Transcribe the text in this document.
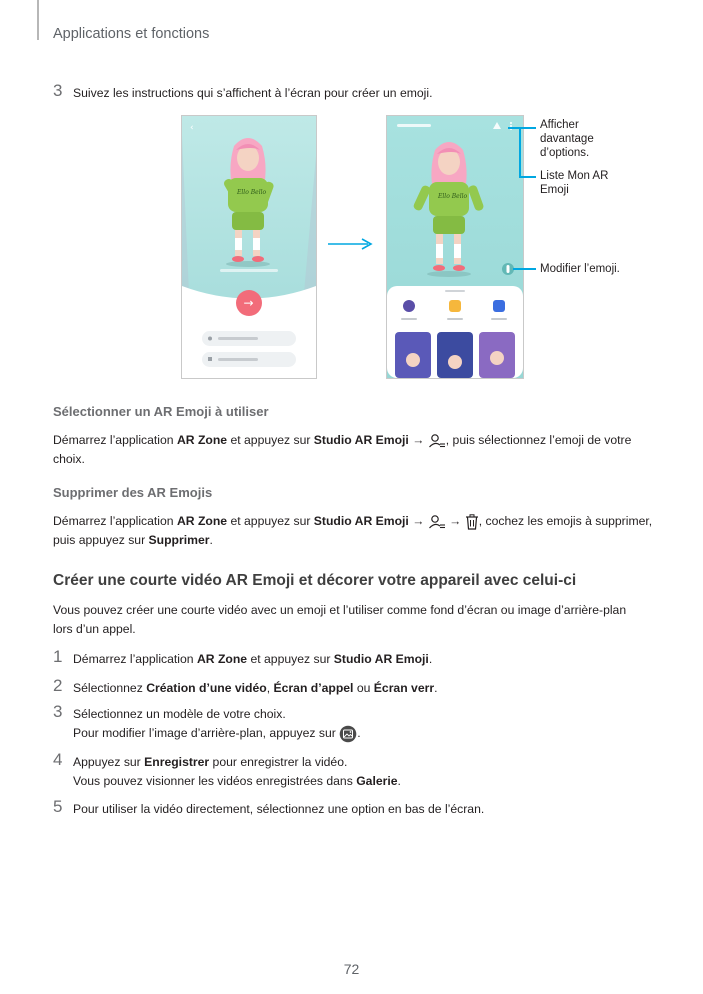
Applications et fonctions
3 Suivez les instructions qui s’affichent à l’écran pour créer un emoji.
‹
Ello Bello
→
Ello Bello
Afficher
davantage
d’options.
Liste Mon AR
Emoji
Modifier l’emoji.
Sélectionner un AR Emoji à utiliser
Démarrez l’application AR Zone et appuyez sur Studio AR Emoji → , puis sélectionnez l’emoji de votre
choix.
Supprimer des AR Emojis
Démarrez l’application AR Zone et appuyez sur Studio AR Emoji →  → , cochez les emojis à supprimer,
puis appuyez sur Supprimer.
Créer une courte vidéo AR Emoji et décorer votre appareil avec celui-ci
Vous pouvez créer une courte vidéo avec un emoji et l’utiliser comme fond d’écran ou image d’arrière-plan
lors d’un appel.
1 Démarrez l’application AR Zone et appuyez sur Studio AR Emoji.
2 Sélectionnez Création d’une vidéo, Écran d’appel ou Écran verr.
3 Sélectionnez un modèle de votre choix.
Pour modifier l’image d’arrière-plan, appuyez sur .
4 Appuyez sur Enregistrer pour enregistrer la vidéo.
Vous pouvez visionner les vidéos enregistrées dans Galerie.
5 Pour utiliser la vidéo directement, sélectionnez une option en bas de l’écran.
72
